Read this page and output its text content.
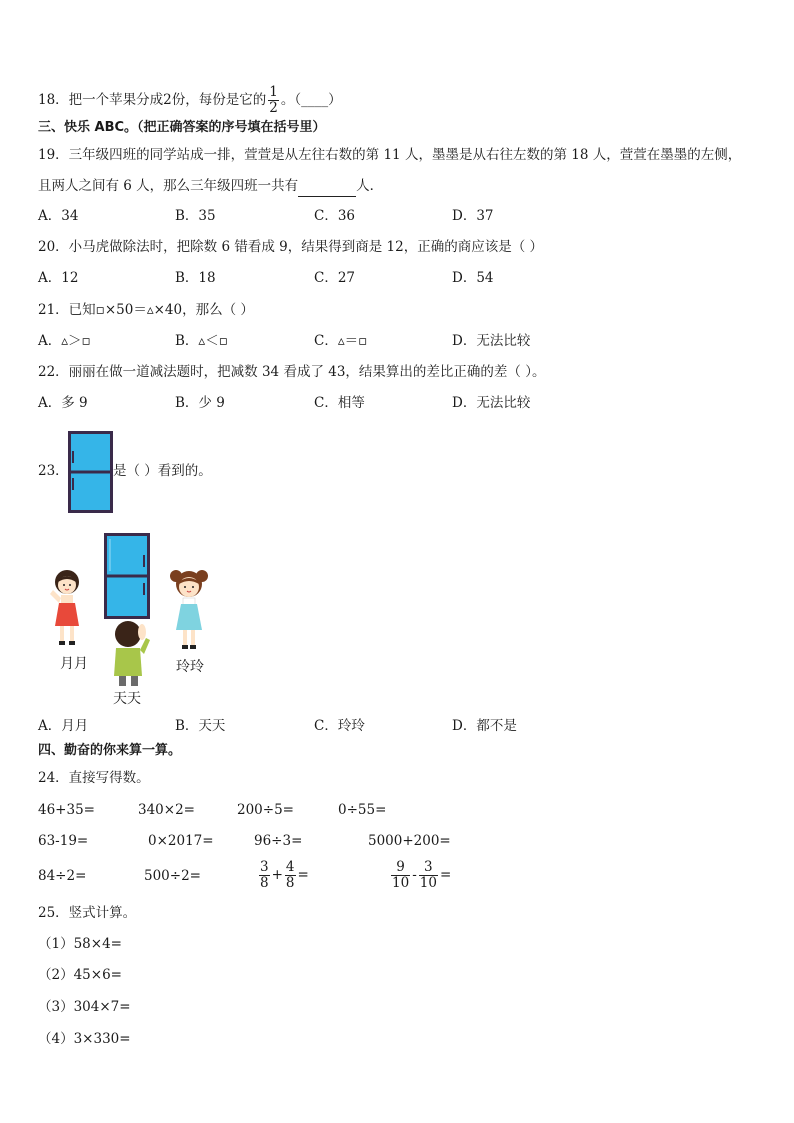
18．把一个苹果分成2份，每份是它的 $\frac{1}{2}$ 。（____）
三、快乐 ABC。（把正确答案的序号填在括号里）
19．三年级四班的同学站成一排，萱萱是从左往右数的第 11 人，墨墨是从右往左数的第 18 人，萱萱在墨墨的左侧，
且两人之间有 6 人，那么三年级四班一共有	人．
A．34	B．35	C．36	D．37
20．小马虎做除法时，把除数 6 错看成 9，结果得到商是 12，正确的商应该是（ ）
A．12	B．18	C．27	D．54
21．已知▫×50＝▵×40，那么（ ）
A．▵＞▫	B．▵＜▫	C．▵＝▫	D．无法比较
22．丽丽在做一道减法题时，把减数 34 看成了 43，结果算出的差比正确的差（ ）。
A．多 9	B．少 9	C．相等	D．无法比较
23．	是（ ）看到的。
月月
天天
玲玲
A．月月	B．天天	C．玲玲	D．都不是
四、勤奋的你来算一算。
24．直接写得数。
46+35=	340×2=	200÷5=	0÷55=
63-19=	0×2017=	96÷3=	5000+200=
84÷2=	500÷2=	$\frac{3}{8} + \frac{4}{8}$ =	$\frac{9}{10} - \frac{3}{10}$ =
25．竖式计算。
（1）58×4=
（2）45×6=
（3）304×7=
（4）3×330=
